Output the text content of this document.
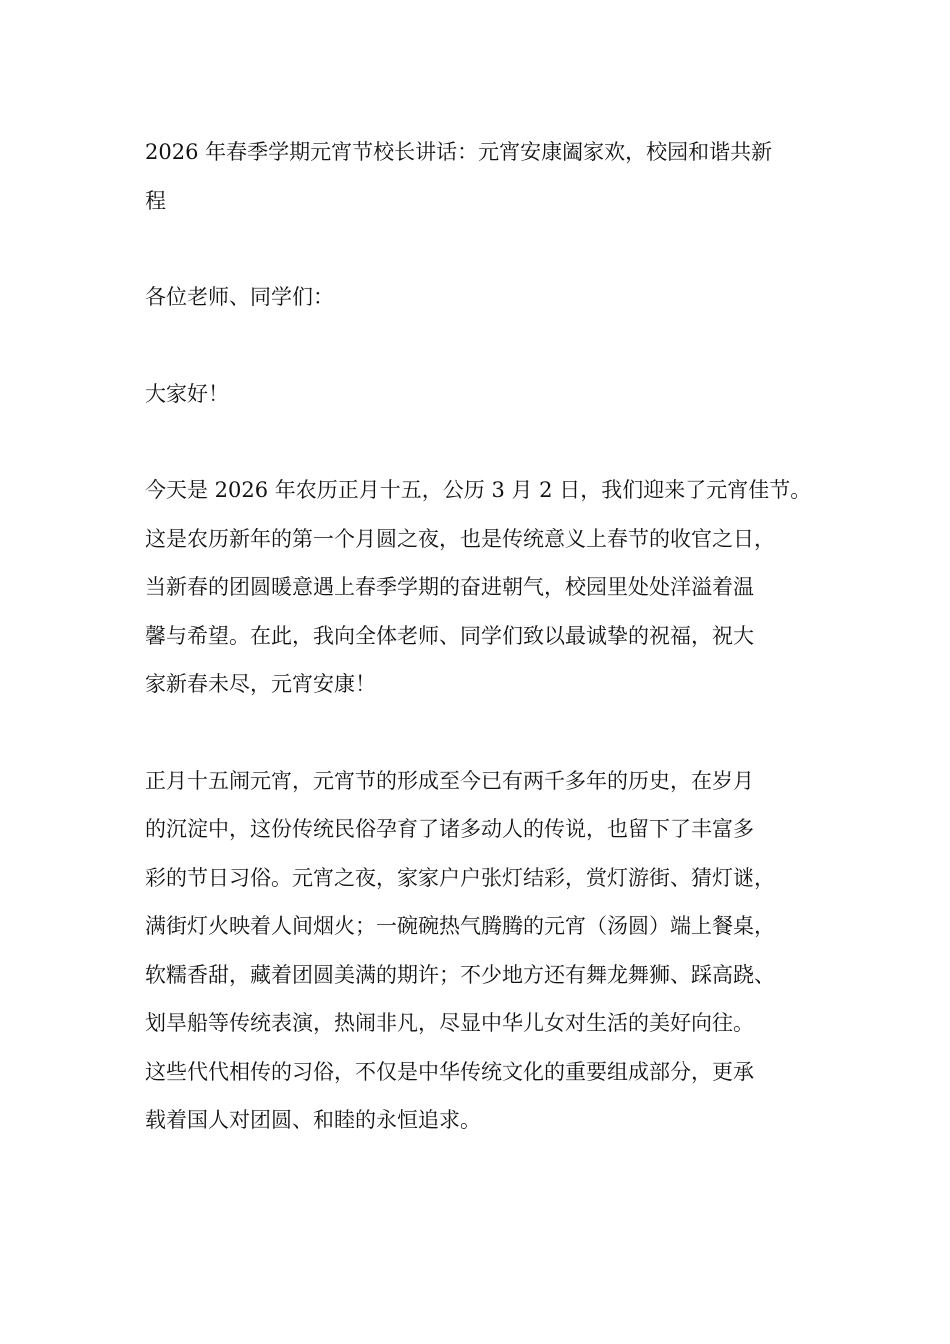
2026 年春季学期元宵节校长讲话：元宵安康阖家欢，校园和谐共新
程

各位老师、同学们：

大家好！

今天是 2026 年农历正月十五，公历 3 月 2 日，我们迎来了元宵佳节。
这是农历新年的第一个月圆之夜，也是传统意义上春节的收官之日，
当新春的团圆暖意遇上春季学期的奋进朝气，校园里处处洋溢着温
馨与希望。在此，我向全体老师、同学们致以最诚挚的祝福，祝大
家新春未尽，元宵安康！

正月十五闹元宵，元宵节的形成至今已有两千多年的历史，在岁月
的沉淀中，这份传统民俗孕育了诸多动人的传说，也留下了丰富多
彩的节日习俗。元宵之夜，家家户户张灯结彩，赏灯游街、猜灯谜，
满街灯火映着人间烟火；一碗碗热气腾腾的元宵（汤圆）端上餐桌，
软糯香甜，藏着团圆美满的期许；不少地方还有舞龙舞狮、踩高跷、
划旱船等传统表演，热闹非凡，尽显中华儿女对生活的美好向往。
这些代代相传的习俗，不仅是中华传统文化的重要组成部分，更承
载着国人对团圆、和睦的永恒追求。
